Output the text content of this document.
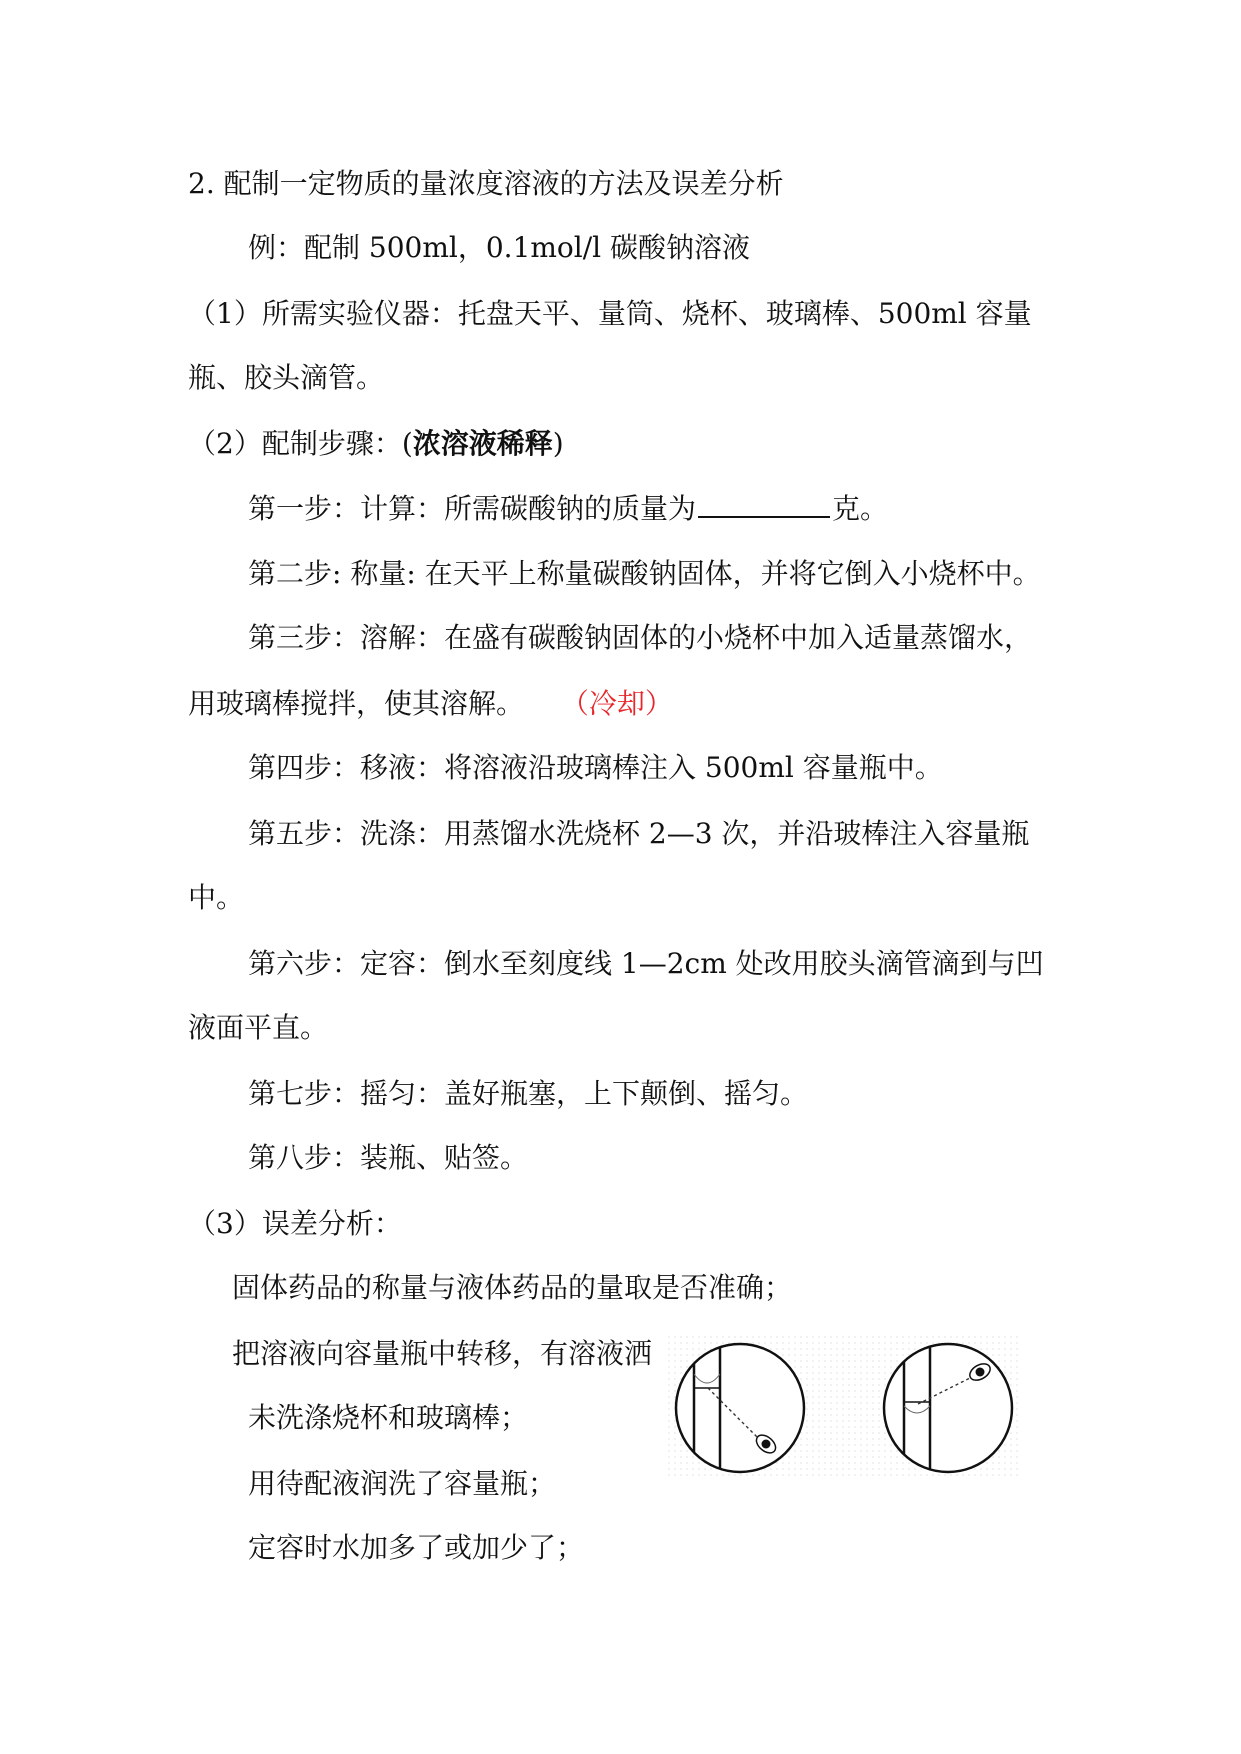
2. 配制一定物质的量浓度溶液的方法及误差分析
例：配制 500ml，0.1mol/l 碳酸钠溶液
（1）所需实验仪器：托盘天平、量筒、烧杯、玻璃棒、500ml 容量
瓶、胶头滴管。
（2）配制步骤：(浓溶液稀释)
第一步：计算：所需碳酸钠的质量为	克。
第二步: 称量: 在天平上称量碳酸钠固体，并将它倒入小烧杯中。
第三步：溶解：在盛有碳酸钠固体的小烧杯中加入适量蒸馏水，
用玻璃棒搅拌，使其溶解。 （冷却）
第四步：移液：将溶液沿玻璃棒注入 500ml 容量瓶中。
第五步：洗涤：用蒸馏水洗烧杯 2—3 次，并沿玻棒注入容量瓶
中。
第六步：定容：倒水至刻度线 1—2cm 处改用胶头滴管滴到与凹
液面平直。
第七步：摇匀：盖好瓶塞，上下颠倒、摇匀。
第八步：装瓶、贴签。
（3）误差分析：
固体药品的称量与液体药品的量取是否准确；
把溶液向容量瓶中转移，有溶液洒
未洗涤烧杯和玻璃棒；
用待配液润洗了容量瓶；
定容时水加多了或加少了；
